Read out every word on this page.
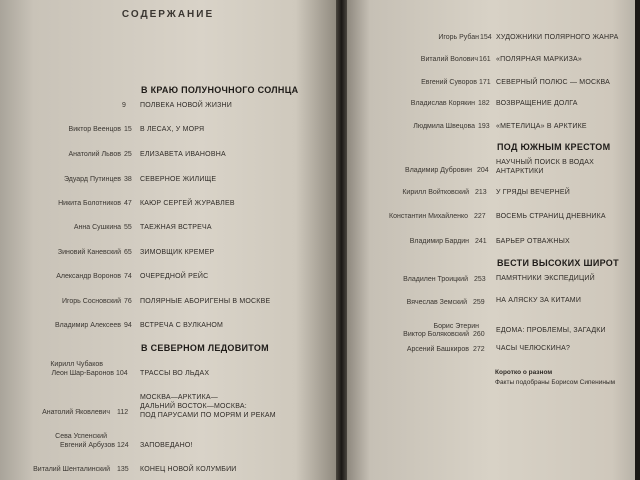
СОДЕРЖАНИЕ
В КРАЮ ПОЛУНОЧНОГО СОЛНЦА
9 ПОЛВЕКА НОВОЙ ЖИЗНИ
Виктор Веенцов 15 В ЛЕСАХ, У МОРЯ
Анатолий Львов 25 ЕЛИЗАВЕТА ИВАНОВНА
Эдуард Путинцев 38 СЕВЕРНОЕ ЖИЛИЩЕ
Никита Болотников 47 КАЮР СЕРГЕЙ ЖУРАВЛЕВ
Анна Сушкина 55 ТАЕЖНАЯ ВСТРЕЧА
Зиновий Каневский 65 ЗИМОВЩИК КРЕМЕР
Александр Воронов 74 ОЧЕРЕДНОЙ РЕЙС
Игорь Сосновский 76 ПОЛЯРНЫЕ АБОРИГЕНЫ В МОСКВЕ
Владимир Алексеев 94 ВСТРЕЧА С ВУЛКАНОМ
В СЕВЕРНОМ ЛЕДОВИТОМ
Кирилл Чубаков
Леон Шар-Баронов 104 ТРАССЫ ВО ЛЬДАХ
МОСКВА—АРКТИКА—
Анатолий Яковлевич 112
ДАЛЬНИЙ ВОСТОК—МОСКВА:
ПОД ПАРУСАМИ ПО МОРЯМ И РЕКАМ
Сева Успенский
Евгений Арбузов 124 ЗАПОВЕДАНО!
Виталий Шенталинский 135 КОНЕЦ НОВОЙ КОЛУМБИИ
Игорь Рубан 154 ХУДОЖНИКИ ПОЛЯРНОГО ЖАНРА
Виталий Волович 161 «ПОЛЯРНАЯ МАРКИЗА»
Евгений Суворов 171 СЕВЕРНЫЙ ПОЛЮС — МОСКВА
Владислав Корякин 182 ВОЗВРАЩЕНИЕ ДОЛГА
Людмила Швецова 193 «МЕТЕЛИЦА» В АРКТИКЕ
ПОД ЮЖНЫМ КРЕСТОМ
НАУЧНЫЙ ПОИСК В ВОДАХ
Владимир Дубровин 204 АНТАРКТИКИ
Кирилл Войтковский 213 У ГРЯДЫ ВЕЧЕРНЕЙ
Константин Михайленко 227 ВОСЕМЬ СТРАНИЦ ДНЕВНИКА
Владимир Бардин 241 БАРЬЕР ОТВАЖНЫХ
ВЕСТИ ВЫСОКИХ ШИРОТ
Владилен Троицкий 253 ПАМЯТНИКИ ЭКСПЕДИЦИЙ
Вячеслав Земский 259 НА АЛЯСКУ ЗА КИТАМИ
Борис Этерин
Виктор Боляковский 260
ЕДОМА: ПРОБЛЕМЫ, ЗАГАДКИ
Арсений Башкиров 272 ЧАСЫ ЧЕЛЮСКИНА?
Коротко о разном
Факты подобраны Борисом Сипениным
